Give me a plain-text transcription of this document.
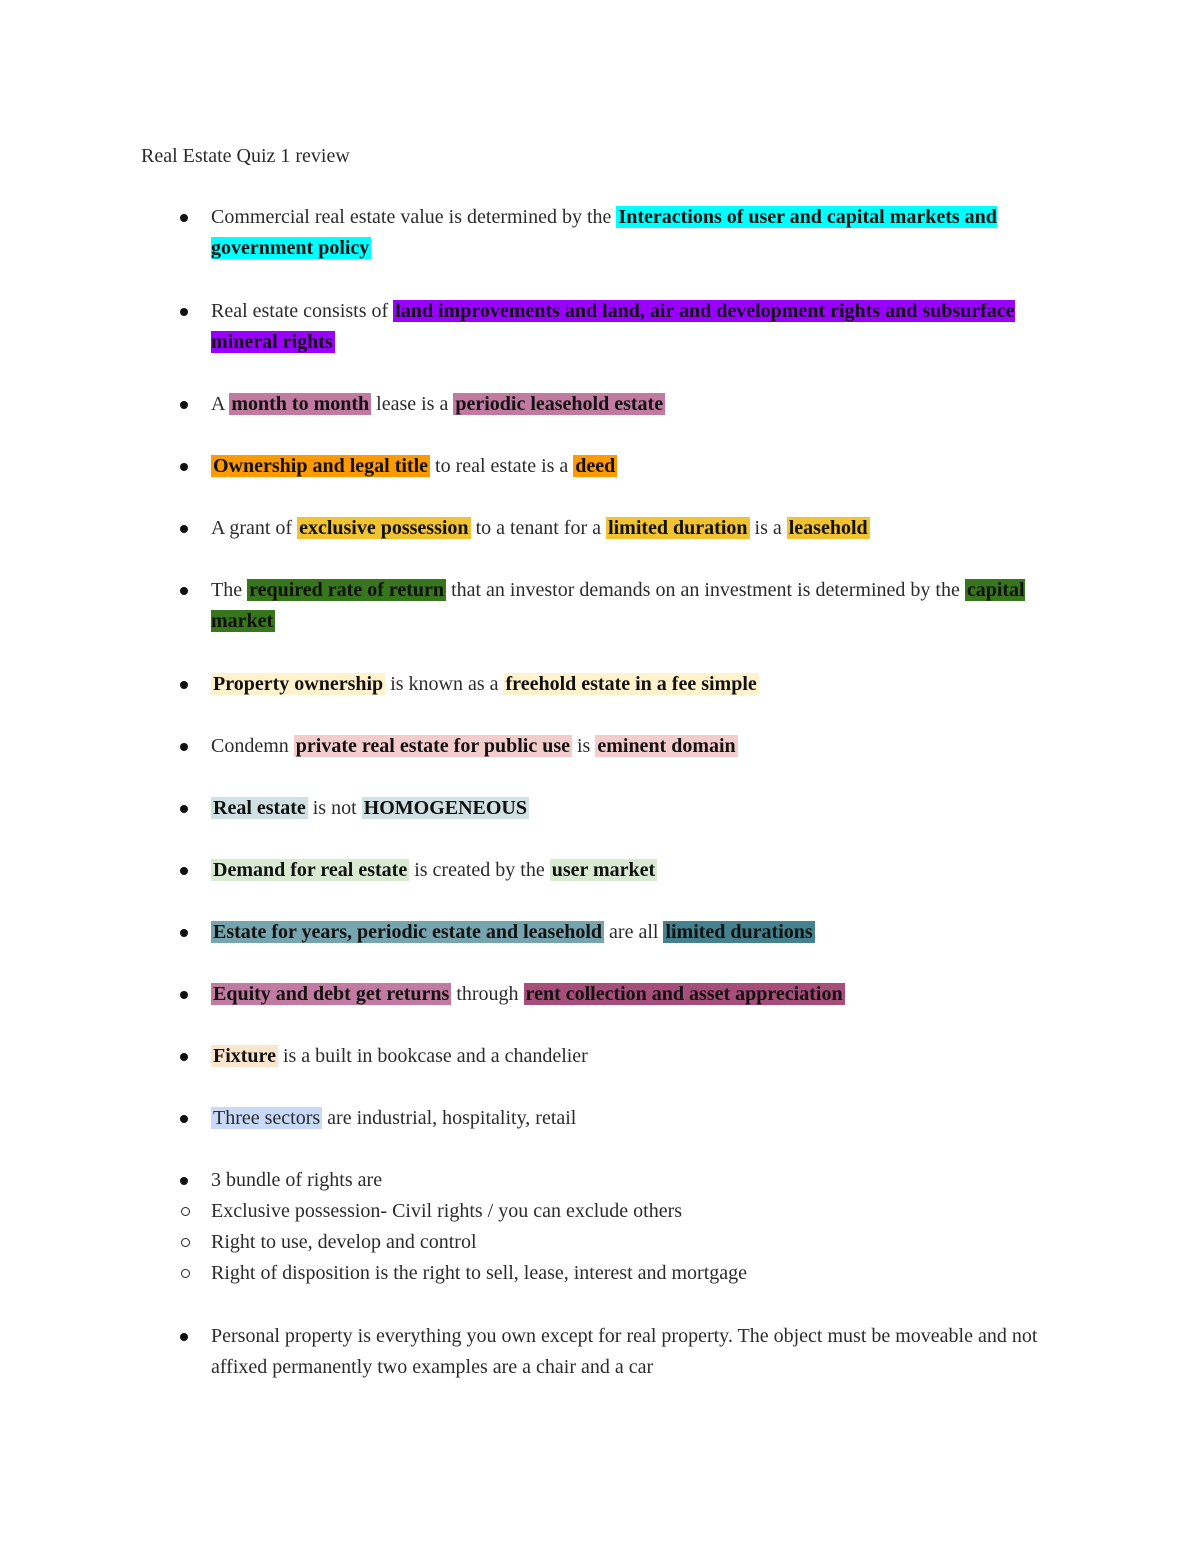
Real Estate Quiz 1 review
Commercial real estate value is determined by the Interactions of user and capital markets and government policy
Real estate consists of land improvements and land, air and development rights and subsurface mineral rights
A month to month lease is a periodic leasehold estate
Ownership and legal title to real estate is a deed
A grant of exclusive possession to a tenant for a limited duration is a leasehold
The required rate of return that an investor demands on an investment is determined by the capital market
Property ownership is known as a freehold estate in a fee simple
Condemn private real estate for public use is eminent domain
Real estate is not HOMOGENEOUS
Demand for real estate is created by the user market
Estate for years, periodic estate and leasehold are all limited durations
Equity and debt get returns through rent collection and asset appreciation
Fixture is a built in bookcase and a chandelier
Three sectors are industrial, hospitality, retail
3 bundle of rights are
Exclusive possession- Civil rights / you can exclude others
Right to use, develop and control
Right of disposition is the right to sell, lease, interest and mortgage
Personal property is everything you own except for real property. The object must be moveable and not affixed permanently two examples are a chair and a car
